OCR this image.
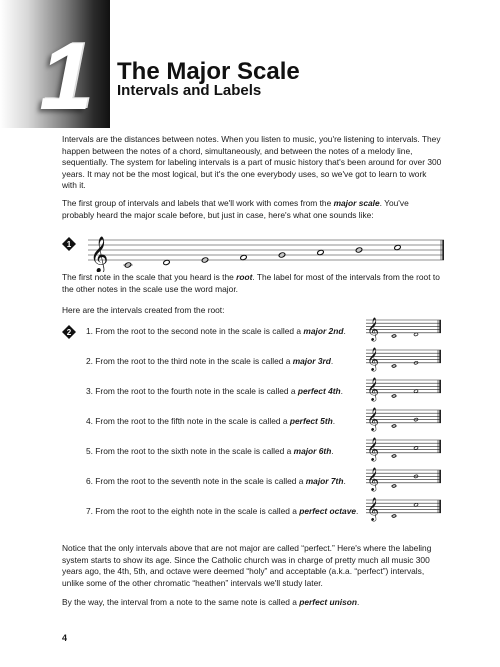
1 The Major Scale
Intervals and Labels

Intervals are the distances between notes. When you listen to music, you're listening to intervals. They happen between the notes of a chord, simultaneously, and between the notes of a melody line, sequentially. The system for labeling intervals is a part of music history that's been around for over 300 years. It may not be the most logical, but it's the one everybody uses, so we've got to learn to work with it.

The first group of intervals and labels that we'll work with comes from the major scale. You've probably heard the major scale before, but just in case, here's what one sounds like:

1 𝄞

The first note in the scale that you heard is the root. The label for most of the intervals from the root to the other notes in the scale use the word major.

Here are the intervals created from the root:

2 1. From the root to the second note in the scale is called a major 2nd. 𝄞
2. From the root to the third note in the scale is called a major 3rd. 𝄞
3. From the root to the fourth note in the scale is called a perfect 4th. 𝄞
4. From the root to the fifth note in the scale is called a perfect 5th. 𝄞
5. From the root to the sixth note in the scale is called a major 6th. 𝄞
6. From the root to the seventh note in the scale is called a major 7th. 𝄞
7. From the root to the eighth note in the scale is called a perfect octave. 𝄞

Notice that the only intervals above that are not major are called “perfect.” Here's where the labeling system starts to show its age. Since the Catholic church was in charge of pretty much all music 300 years ago, the 4th, 5th, and octave were deemed “holy” and acceptable (a.k.a. “perfect”) intervals, unlike some of the other chromatic “heathen” intervals we'll study later.

By the way, the interval from a note to the same note is called a perfect unison.

4
